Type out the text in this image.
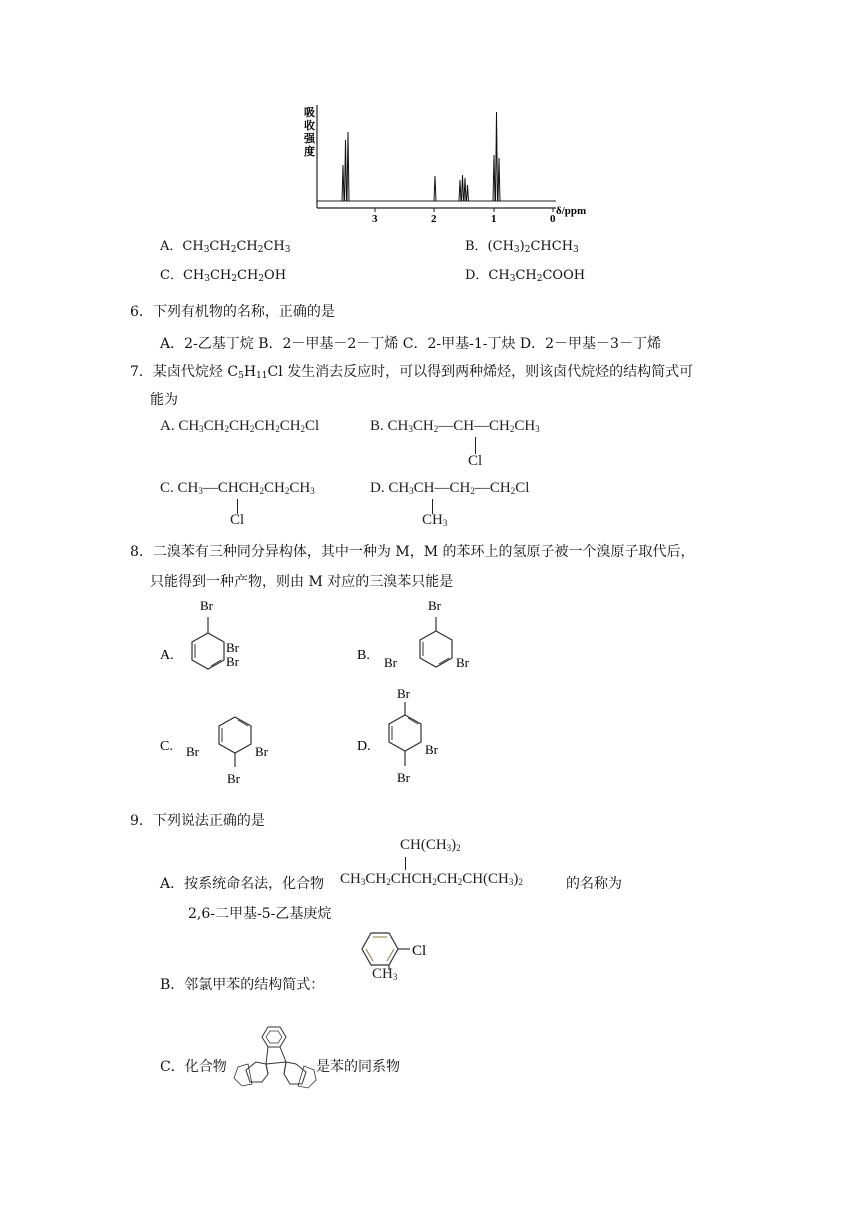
吸
收
强
度
3	2	1	0
δ/ppm
A．$CH_3CH_2CH_2CH_3$	B．$(CH_3)_2CHCH_3$
C．$CH_3CH_2CH_2OH$	D．$CH_3CH_2COOH$
6．下列有机物的名称，正确的是
A．2-乙基丁烷 B．2－甲基－2－丁烯 C．2-甲基-1-丁炔 D．2－甲基－3－丁烯
7．某卤代烷烃 $C_5H_{11}Cl$ 发生消去反应时，可以得到两种烯烃，则该卤代烷烃的结构简式可
能为
A. $CH_3CH_2CH_2CH_2CH_2Cl$	B. $CH_3CH_2—CH—CH_2CH_3$
Cl
C. $CH_3—CHCH_2CH_2CH_3$
Cl
D. $CH_3CH—CH_2—CH_2Cl$
$CH_3$
8．二溴苯有三种同分异构体，其中一种为 M，M 的苯环上的氢原子被一个溴原子取代后，
只能得到一种产物，则由 M 对应的三溴苯只能是
A.
Br
Br
Br	B.
Br
Br	Br
C. Br	Br
Br
D.
Br
Br
Br
9．下列说法正确的是
$CH(CH_3)_2$
A．按系统命名法，化合物 $CH_3CH_2CHCH_2CH_2CH(CH_3)_2$	的名称为
2,6-二甲基-5-乙基庚烷
B．邻氯甲苯的结构简式：
Cl
$CH_3$
C．化合物	是苯的同系物
